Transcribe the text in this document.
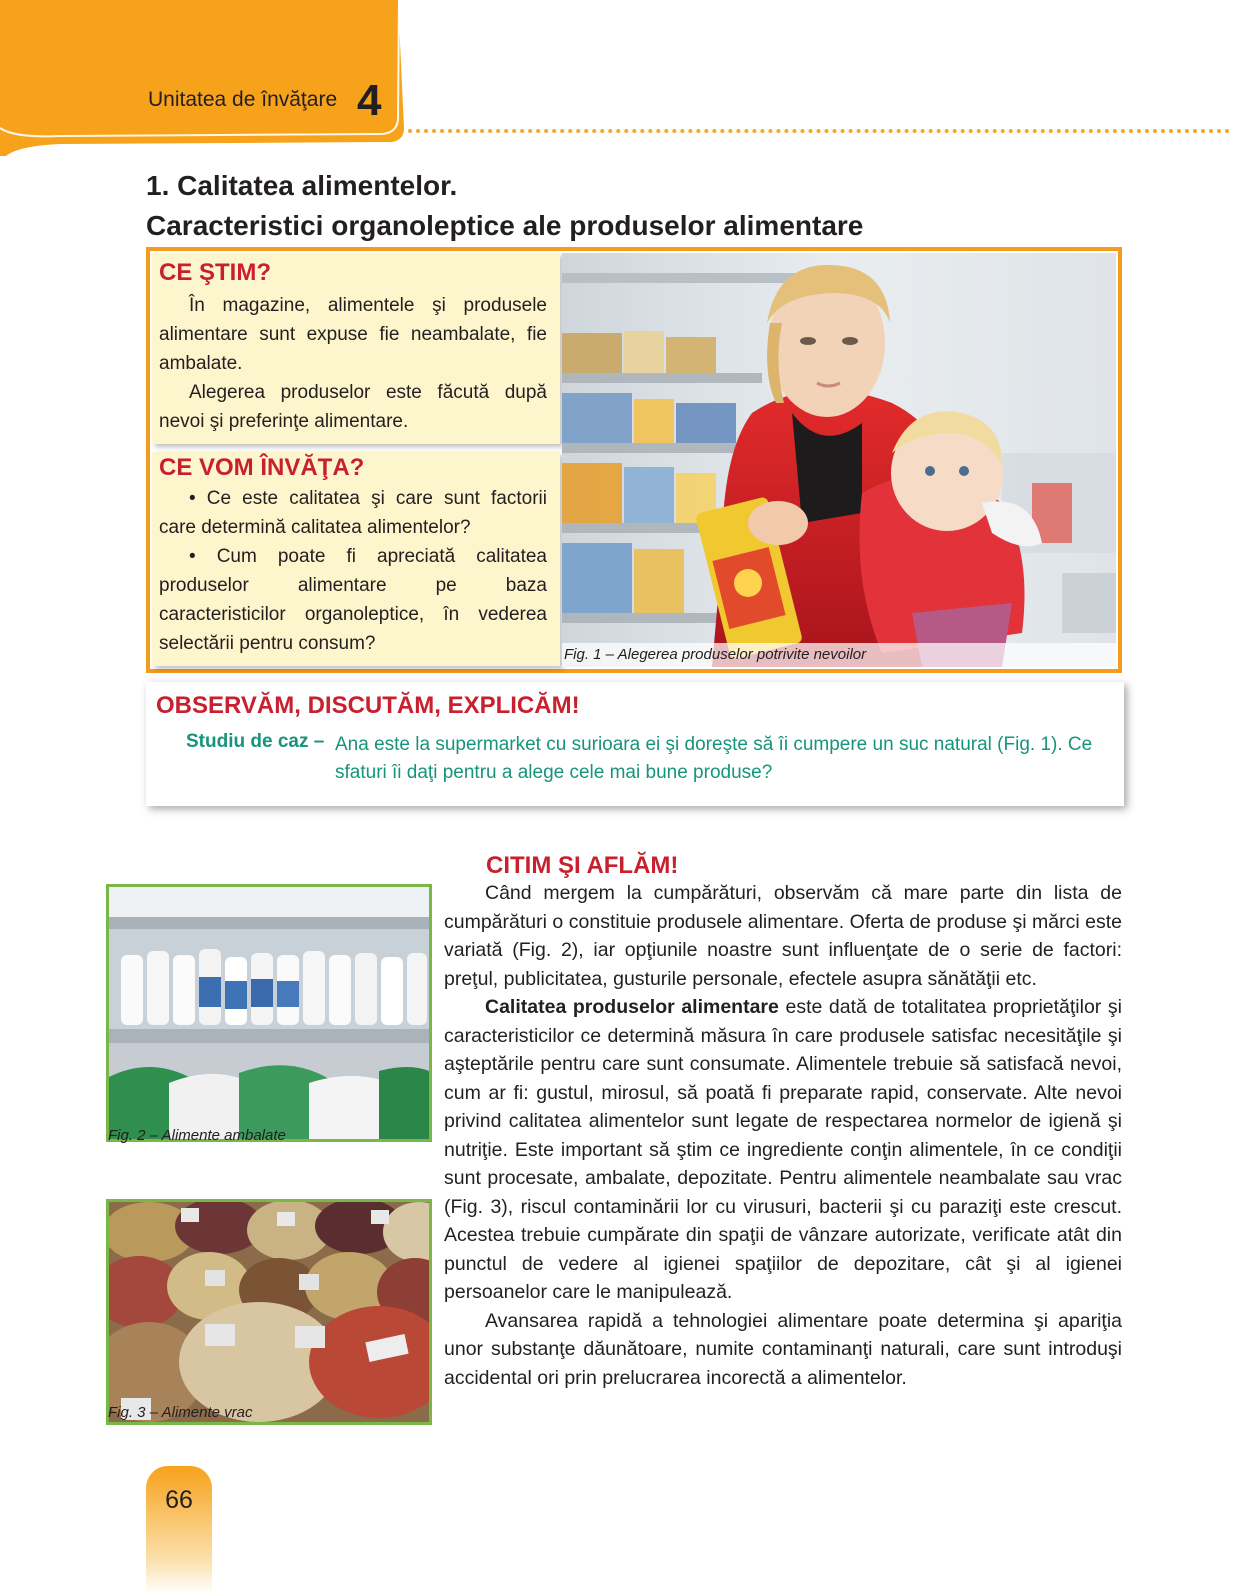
Unitatea de învăţare 4
1. Calitatea alimentelor.
Caracteristici organoleptice ale produselor alimentare
CE ŞTIM?

În magazine, alimentele şi produsele alimentare sunt expuse fie neambalate, fie ambalate.

Alegerea produselor este făcută după nevoi şi preferinţe alimentare.

CE VOM ÎNVĂŢA?

• Ce este calitatea şi care sunt factorii care determină calitatea alimentelor?

• Cum poate fi apreciată calitatea produselor alimentare pe baza caracteristicilor organoleptice, în vederea selectării pentru consum?

Fig. 1 – Alegerea produselor potrivite nevoilor
OBSERVĂM, DISCUTĂM, EXPLICĂM!
Studiu de caz – Ana este la supermarket cu surioara ei şi doreşte să îi cumpere un suc natural (Fig. 1). Ce sfaturi îi daţi pentru a alege cele mai bune produse?
Fig. 2 – Alimente ambalate
Fig. 3 – Alimente vrac
CITIM ŞI AFLĂM!

Când mergem la cumpărături, observăm că mare parte din lista de cumpărături o constituie produsele alimentare. Oferta de produse şi mărci este variată (Fig. 2), iar opţiunile noastre sunt influenţate de o serie de factori: preţul, publicitatea, gusturile personale, efectele asupra sănătăţii etc.

Calitatea produselor alimentare este dată de totalitatea proprietăţilor şi caracteristicilor ce determină măsura în care produsele satisfac necesităţile şi aşteptările pentru care sunt consumate. Alimentele trebuie să satisfacă nevoi, cum ar fi: gustul, mirosul, să poată fi preparate rapid, conservate. Alte nevoi privind calitatea alimentelor sunt legate de respectarea normelor de igienă şi nutriţie. Este important să ştim ce ingrediente conţin alimentele, în ce condiţii sunt procesate, ambalate, depozitate. Pentru alimentele neambalate sau vrac (Fig. 3), riscul contaminării lor cu virusuri, bacterii şi cu paraziţi este crescut. Acestea trebuie cumpărate din spaţii de vânzare autorizate, verificate atât din punctul de vedere al igienei spaţiilor de depozitare, cât şi al igienei persoanelor care le manipulează.

Avansarea rapidă a tehnologiei alimentare poate determina şi apariţia unor substanţe dăunătoare, numite contaminanţi naturali, care sunt introduşi accidental ori prin prelucrarea incorectă a alimentelor.

66
